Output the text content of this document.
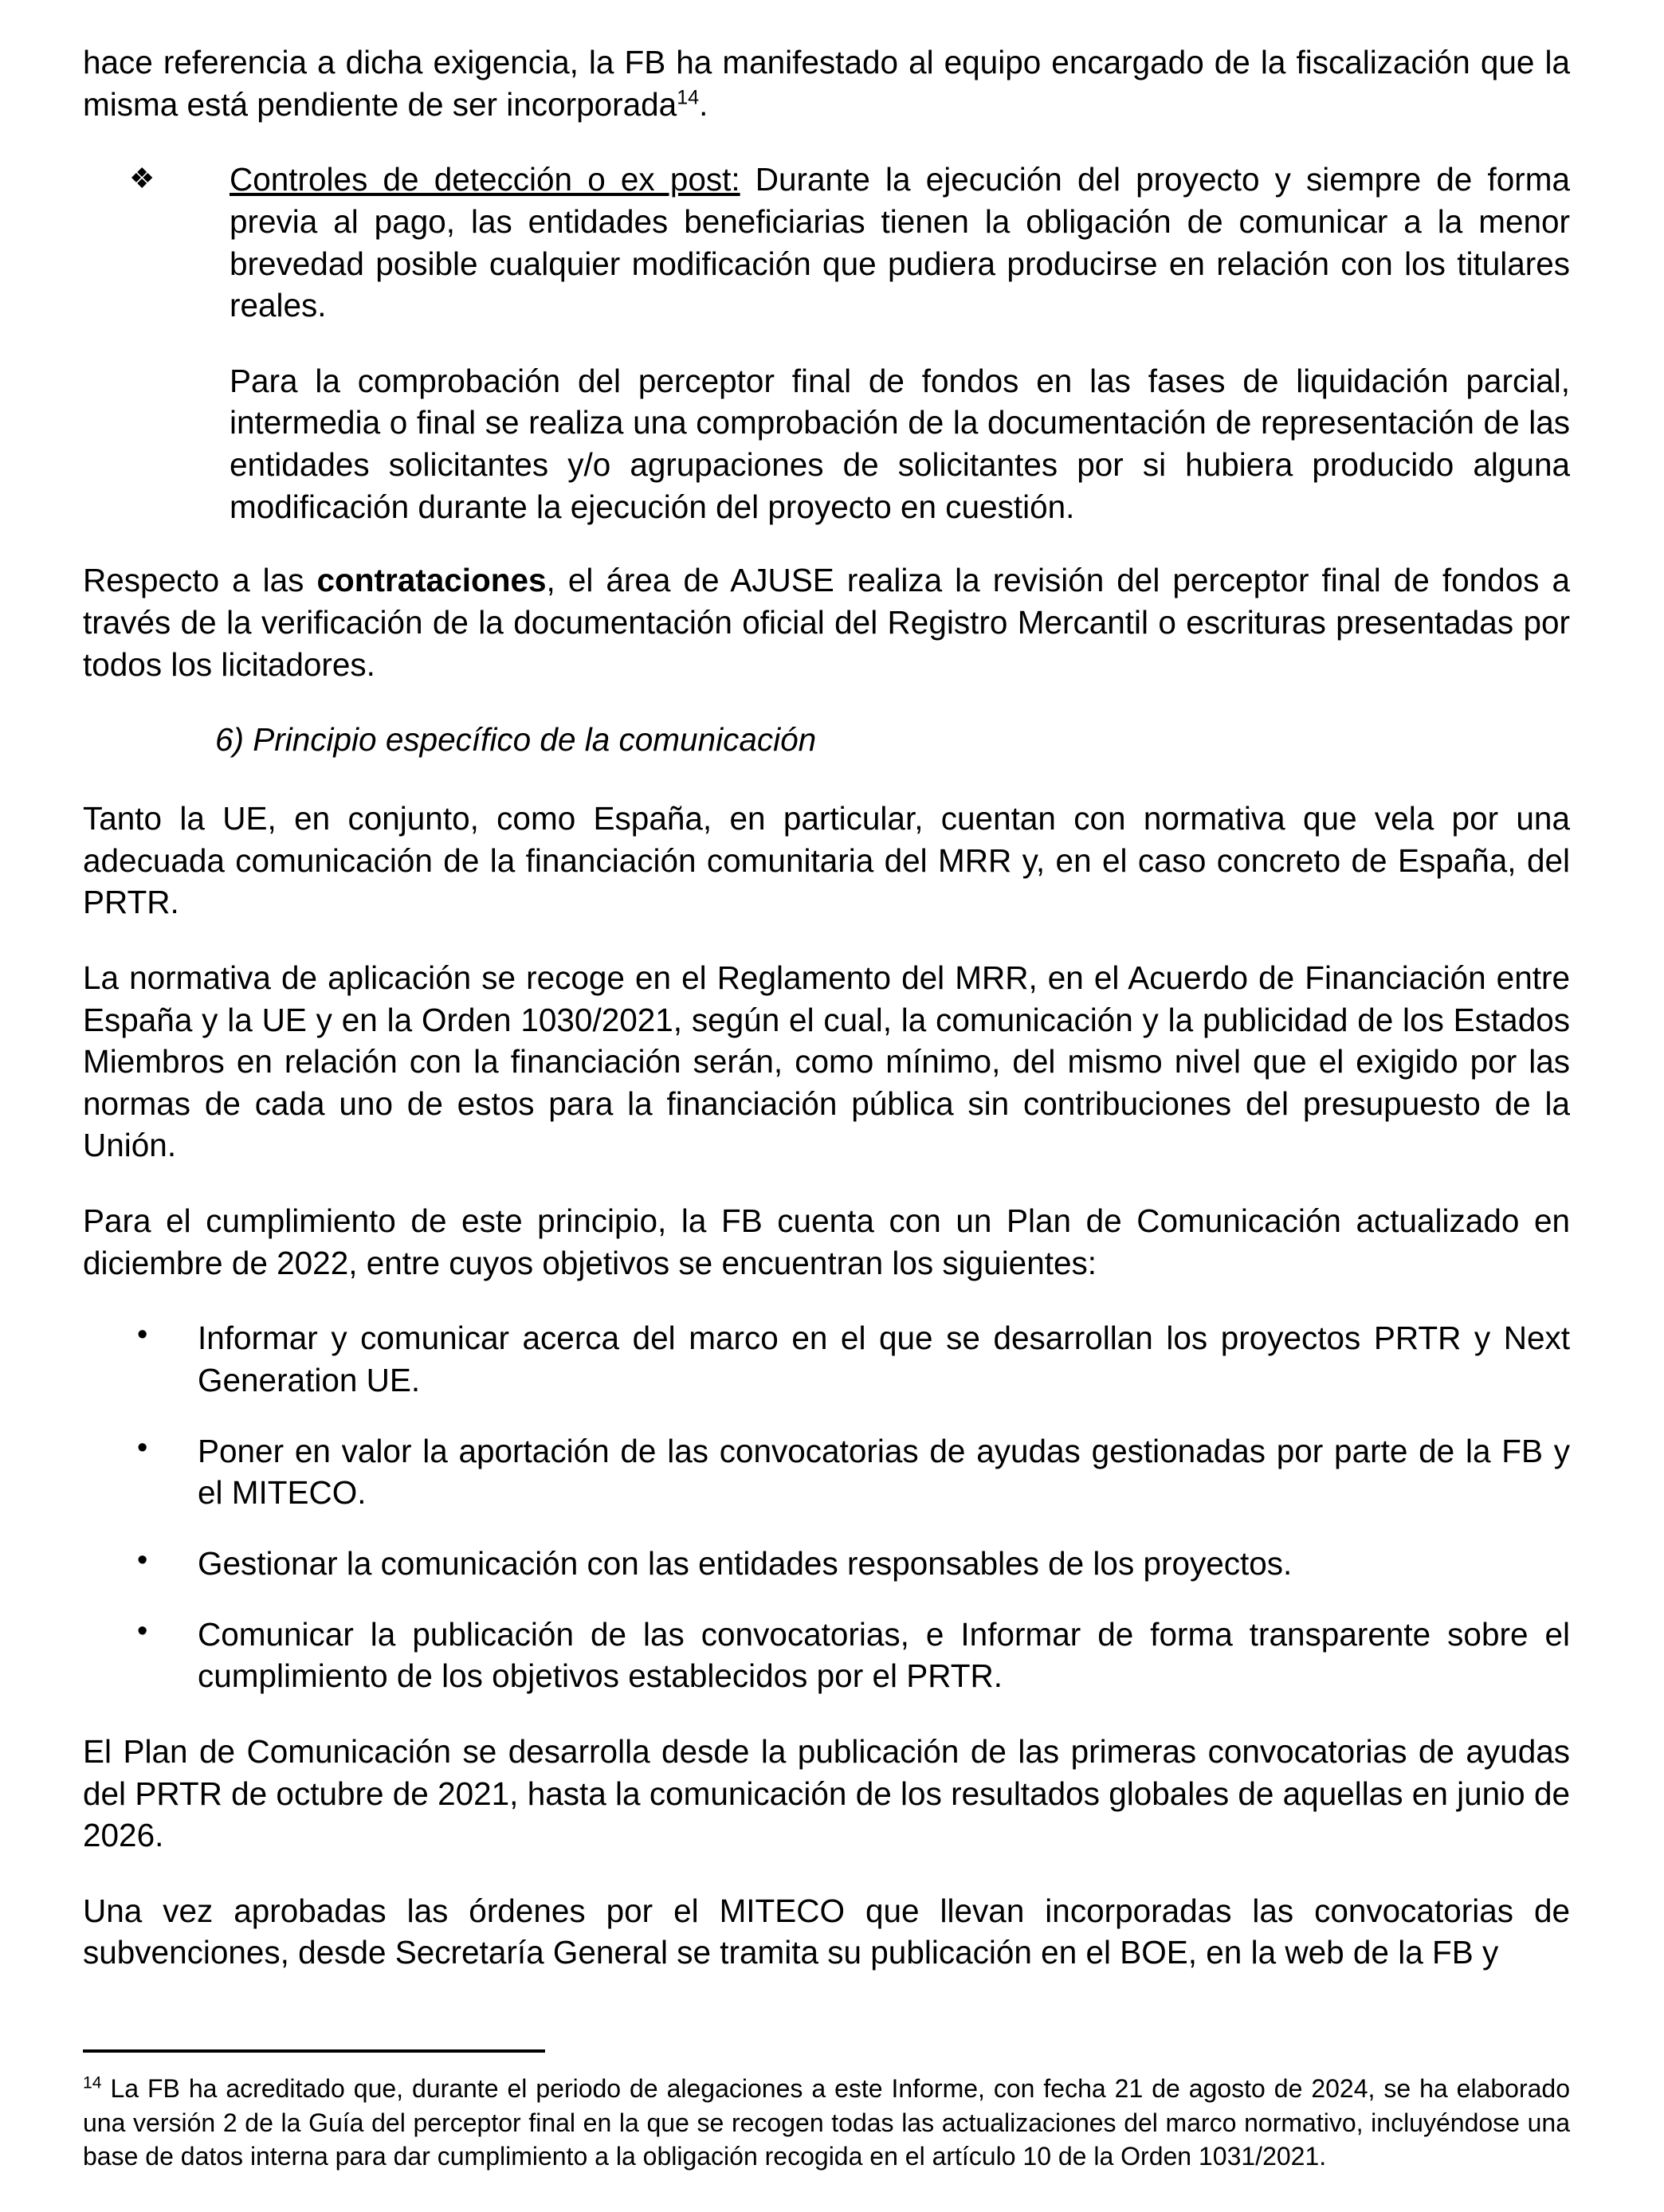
hace referencia a dicha exigencia, la FB ha manifestado al equipo encargado de la fiscalización que la misma está pendiente de ser incorporada$^{14}$.

❖ Controles de detección o ex post: Durante la ejecución del proyecto y siempre de forma previa al pago, las entidades beneficiarias tienen la obligación de comunicar a la menor brevedad posible cualquier modificación que pudiera producirse en relación con los titulares reales.

Para la comprobación del perceptor final de fondos en las fases de liquidación parcial, intermedia o final se realiza una comprobación de la documentación de representación de las entidades solicitantes y/o agrupaciones de solicitantes por si hubiera producido alguna modificación durante la ejecución del proyecto en cuestión.

Respecto a las contrataciones, el área de AJUSE realiza la revisión del perceptor final de fondos a través de la verificación de la documentación oficial del Registro Mercantil o escrituras presentadas por todos los licitadores.

6) Principio específico de la comunicación

Tanto la UE, en conjunto, como España, en particular, cuentan con normativa que vela por una adecuada comunicación de la financiación comunitaria del MRR y, en el caso concreto de España, del PRTR.

La normativa de aplicación se recoge en el Reglamento del MRR, en el Acuerdo de Financiación entre España y la UE y en la Orden 1030/2021, según el cual, la comunicación y la publicidad de los Estados Miembros en relación con la financiación serán, como mínimo, del mismo nivel que el exigido por las normas de cada uno de estos para la financiación pública sin contribuciones del presupuesto de la Unión.

Para el cumplimiento de este principio, la FB cuenta con un Plan de Comunicación actualizado en diciembre de 2022, entre cuyos objetivos se encuentran los siguientes:

• Informar y comunicar acerca del marco en el que se desarrollan los proyectos PRTR y Next Generation UE.
• Poner en valor la aportación de las convocatorias de ayudas gestionadas por parte de la FB y el MITECO.
• Gestionar la comunicación con las entidades responsables de los proyectos.
• Comunicar la publicación de las convocatorias, e Informar de forma transparente sobre el cumplimiento de los objetivos establecidos por el PRTR.

El Plan de Comunicación se desarrolla desde la publicación de las primeras convocatorias de ayudas del PRTR de octubre de 2021, hasta la comunicación de los resultados globales de aquellas en junio de 2026.

Una vez aprobadas las órdenes por el MITECO que llevan incorporadas las convocatorias de subvenciones, desde Secretaría General se tramita su publicación en el BOE, en la web de la FB y

$^{14}$ La FB ha acreditado que, durante el periodo de alegaciones a este Informe, con fecha 21 de agosto de 2024, se ha elaborado una versión 2 de la Guía del perceptor final en la que se recogen todas las actualizaciones del marco normativo, incluyéndose una base de datos interna para dar cumplimiento a la obligación recogida en el artículo 10 de la Orden 1031/2021.
